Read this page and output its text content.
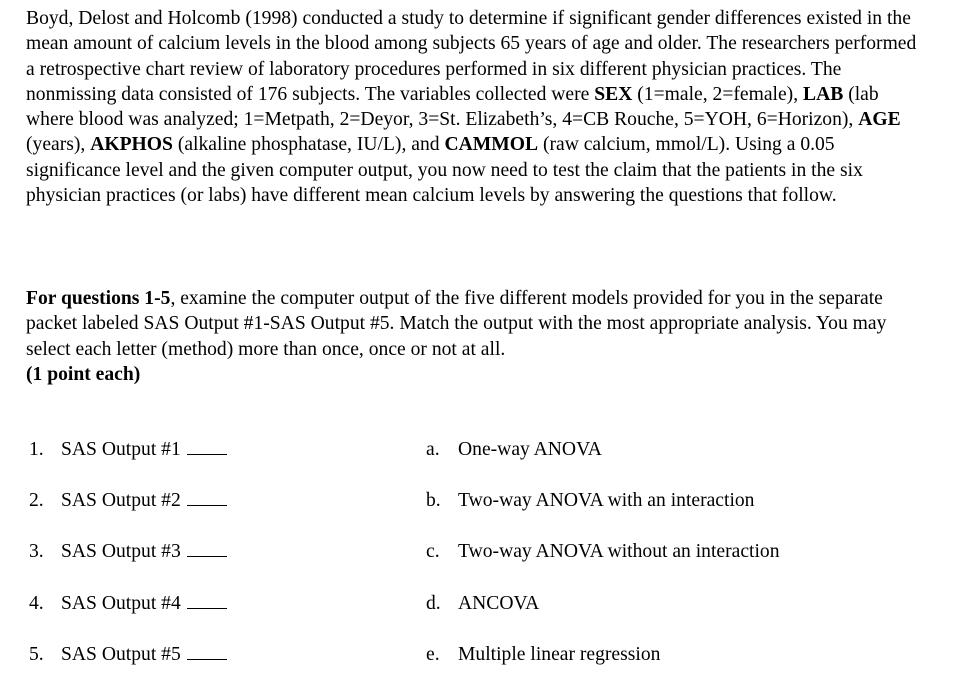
Boyd, Delost and Holcomb (1998) conducted a study to determine if significant gender differences existed in the mean amount of calcium levels in the blood among subjects 65 years of age and older. The researchers performed a retrospective chart review of laboratory procedures performed in six different physician practices. The nonmissing data consisted of 176 subjects. The variables collected were SEX (1=male, 2=female), LAB (lab where blood was analyzed; 1=Metpath, 2=Deyor, 3=St. Elizabeth’s, 4=CB Rouche, 5=YOH, 6=Horizon), AGE (years), AKPHOS (alkaline phosphatase, IU/L), and CAMMOL (raw calcium, mmol/L). Using a 0.05 significance level and the given computer output, you now need to test the claim that the patients in the six physician practices (or labs) have different mean calcium levels by answering the questions that follow.

For questions 1-5, examine the computer output of the five different models provided for you in the separate packet labeled SAS Output #1-SAS Output #5. Match the output with the most appropriate analysis. You may select each letter (method) more than once, once or not at all.
(1 point each)

1. SAS Output #1
2. SAS Output #2
3. SAS Output #3
4. SAS Output #4
5. SAS Output #5
a. One-way ANOVA
b. Two-way ANOVA with an interaction
c. Two-way ANOVA without an interaction
d. ANCOVA
e. Multiple linear regression
